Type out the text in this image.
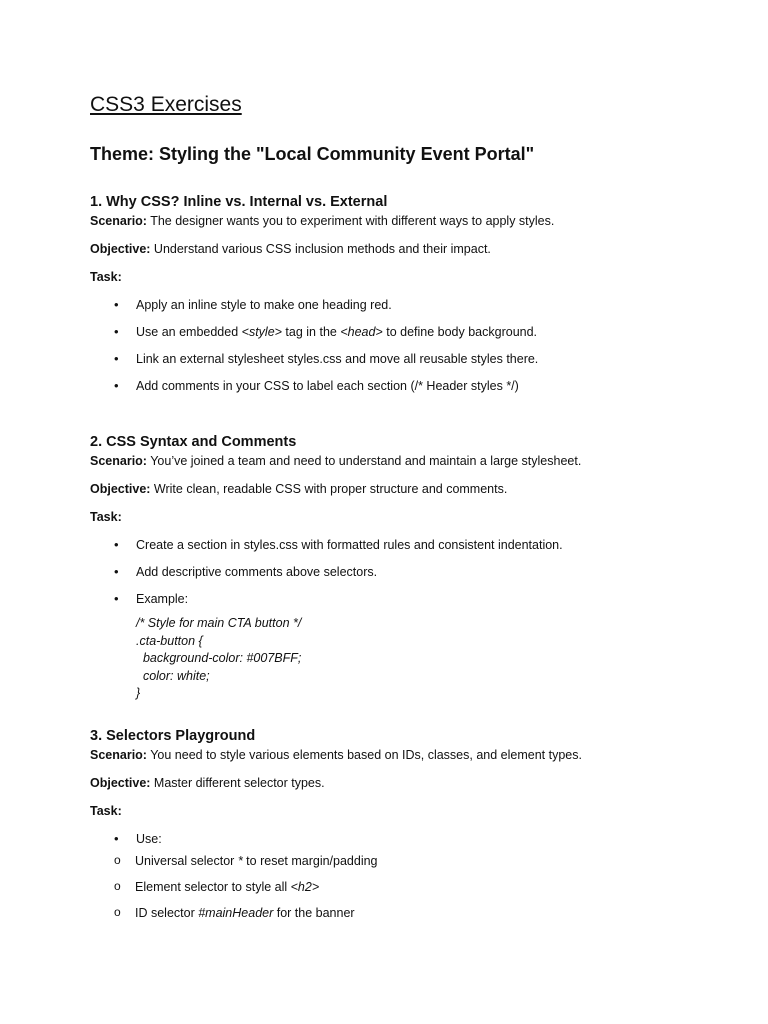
CSS3 Exercises
Theme: Styling the "Local Community Event Portal"
1. Why CSS? Inline vs. Internal vs. External

Scenario: The designer wants you to experiment with different ways to apply styles.

Objective: Understand various CSS inclusion methods and their impact.

Task:

• Apply an inline style to make one heading red.
• Use an embedded <style> tag in the <head> to define body background.
• Link an external stylesheet styles.css and move all reusable styles there.
• Add comments in your CSS to label each section (/* Header styles */)
2. CSS Syntax and Comments

Scenario: You’ve joined a team and need to understand and maintain a large stylesheet.

Objective: Write clean, readable CSS with proper structure and comments.

Task:

• Create a section in styles.css with formatted rules and consistent indentation.
• Add descriptive comments above selectors.
• Example:
/* Style for main CTA button */
.cta-button {
background-color: #007BFF;
color: white;
}
3. Selectors Playground

Scenario: You need to style various elements based on IDs, classes, and element types.

Objective: Master different selector types.

Task:

• Use:
o Universal selector * to reset margin/padding
o Element selector to style all <h2>
o ID selector #mainHeader for the banner
